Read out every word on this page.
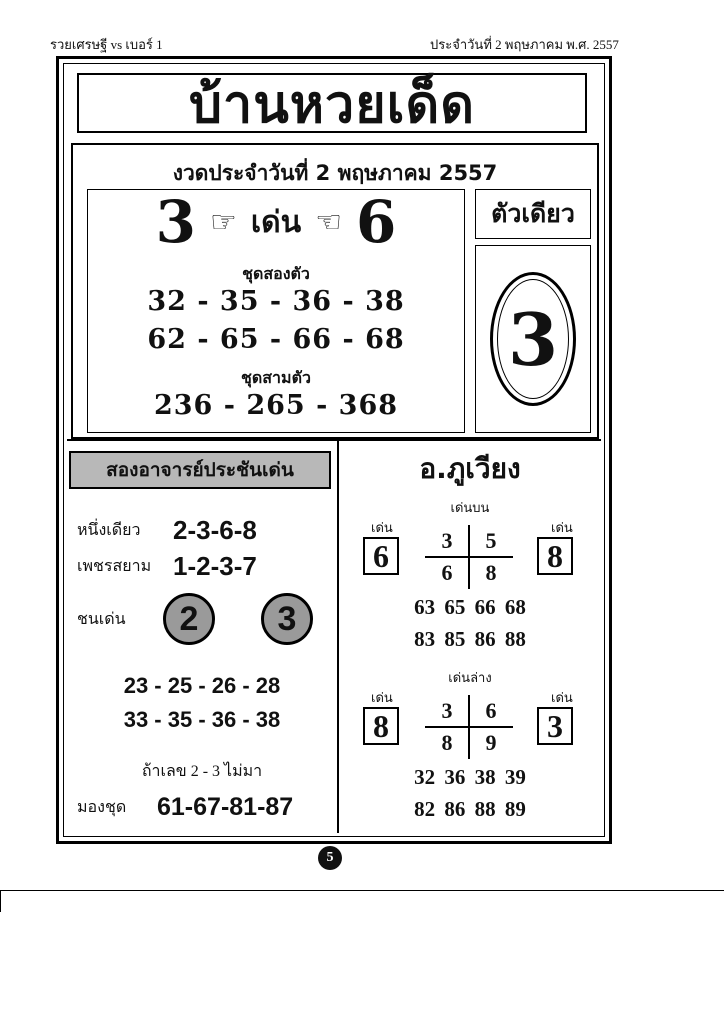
รวยเศรษฐี vs เบอร์ 1	ประจำวันที่ 2 พฤษภาคม พ.ศ. 2557
บ้านหวยเด็ด
งวดประจำวันที่ 2 พฤษภาคม 2557
3 ☞ เด่น ☜ 6
ชุดสองตัว
32 - 35 - 36 - 38
62 - 65 - 66 - 68
ชุดสามตัว
236 - 265 - 368
ตัวเดียว
3
สองอาจารย์ประชันเด่น
หนึ่งเดียว	2-3-6-8
เพชรสยาม 1-2-3-7
ชนเด่น	2	3
23 - 25 - 26 - 28
33 - 35 - 36 - 38
ถ้าเลข 2 - 3 ไม่มา
มองชุด	61-67-81-87
อ.ภูเวียง
เด่นบน
เด่น	เด่น
6	8
3	5
6	8
63 65 66 68
83 85 86 88
เด่นล่าง
เด่น	เด่น
8	3
3	6
8	9
32 36 38 39
82 86 88 89
5
